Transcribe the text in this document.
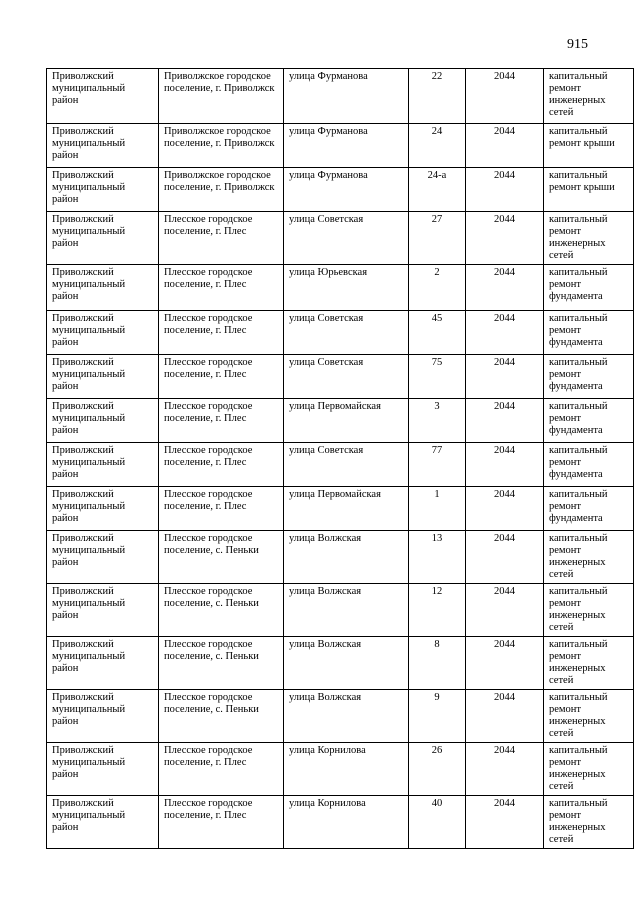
915
Приволжский муниципальный район	Приволжское городское поселение, г. Приволжск	улица Фурманова	22	2044	капитальный ремонт инженерных сетей
Приволжский муниципальный район	Приволжское городское поселение, г. Приволжск	улица Фурманова	24	2044	капитальный ремонт крыши
Приволжский муниципальный район	Приволжское городское поселение, г. Приволжск	улица Фурманова	24-а	2044	капитальный ремонт крыши
Приволжский муниципальный район	Плесское городское поселение, г. Плес	улица Советская	27	2044	капитальный ремонт инженерных сетей
Приволжский муниципальный район	Плесское городское поселение, г. Плес	улица Юрьевская	2	2044	капитальный ремонт фундамента
Приволжский муниципальный район	Плесское городское поселение, г. Плес	улица Советская	45	2044	капитальный ремонт фундамента
Приволжский муниципальный район	Плесское городское поселение, г. Плес	улица Советская	75	2044	капитальный ремонт фундамента
Приволжский муниципальный район	Плесское городское поселение, г. Плес	улица Первомайская	3	2044	капитальный ремонт фундамента
Приволжский муниципальный район	Плесское городское поселение, г. Плес	улица Советская	77	2044	капитальный ремонт фундамента
Приволжский муниципальный район	Плесское городское поселение, г. Плес	улица Первомайская	1	2044	капитальный ремонт фундамента
Приволжский муниципальный район	Плесское городское поселение, с. Пеньки	улица Волжская	13	2044	капитальный ремонт инженерных сетей
Приволжский муниципальный район	Плесское городское поселение, с. Пеньки	улица Волжская	12	2044	капитальный ремонт инженерных сетей
Приволжский муниципальный район	Плесское городское поселение, с. Пеньки	улица Волжская	8	2044	капитальный ремонт инженерных сетей
Приволжский муниципальный район	Плесское городское поселение, с. Пеньки	улица Волжская	9	2044	капитальный ремонт инженерных сетей
Приволжский муниципальный район	Плесское городское поселение, г. Плес	улица Корнилова	26	2044	капитальный ремонт инженерных сетей
Приволжский муниципальный район	Плесское городское поселение, г. Плес	улица Корнилова	40	2044	капитальный ремонт инженерных сетей
